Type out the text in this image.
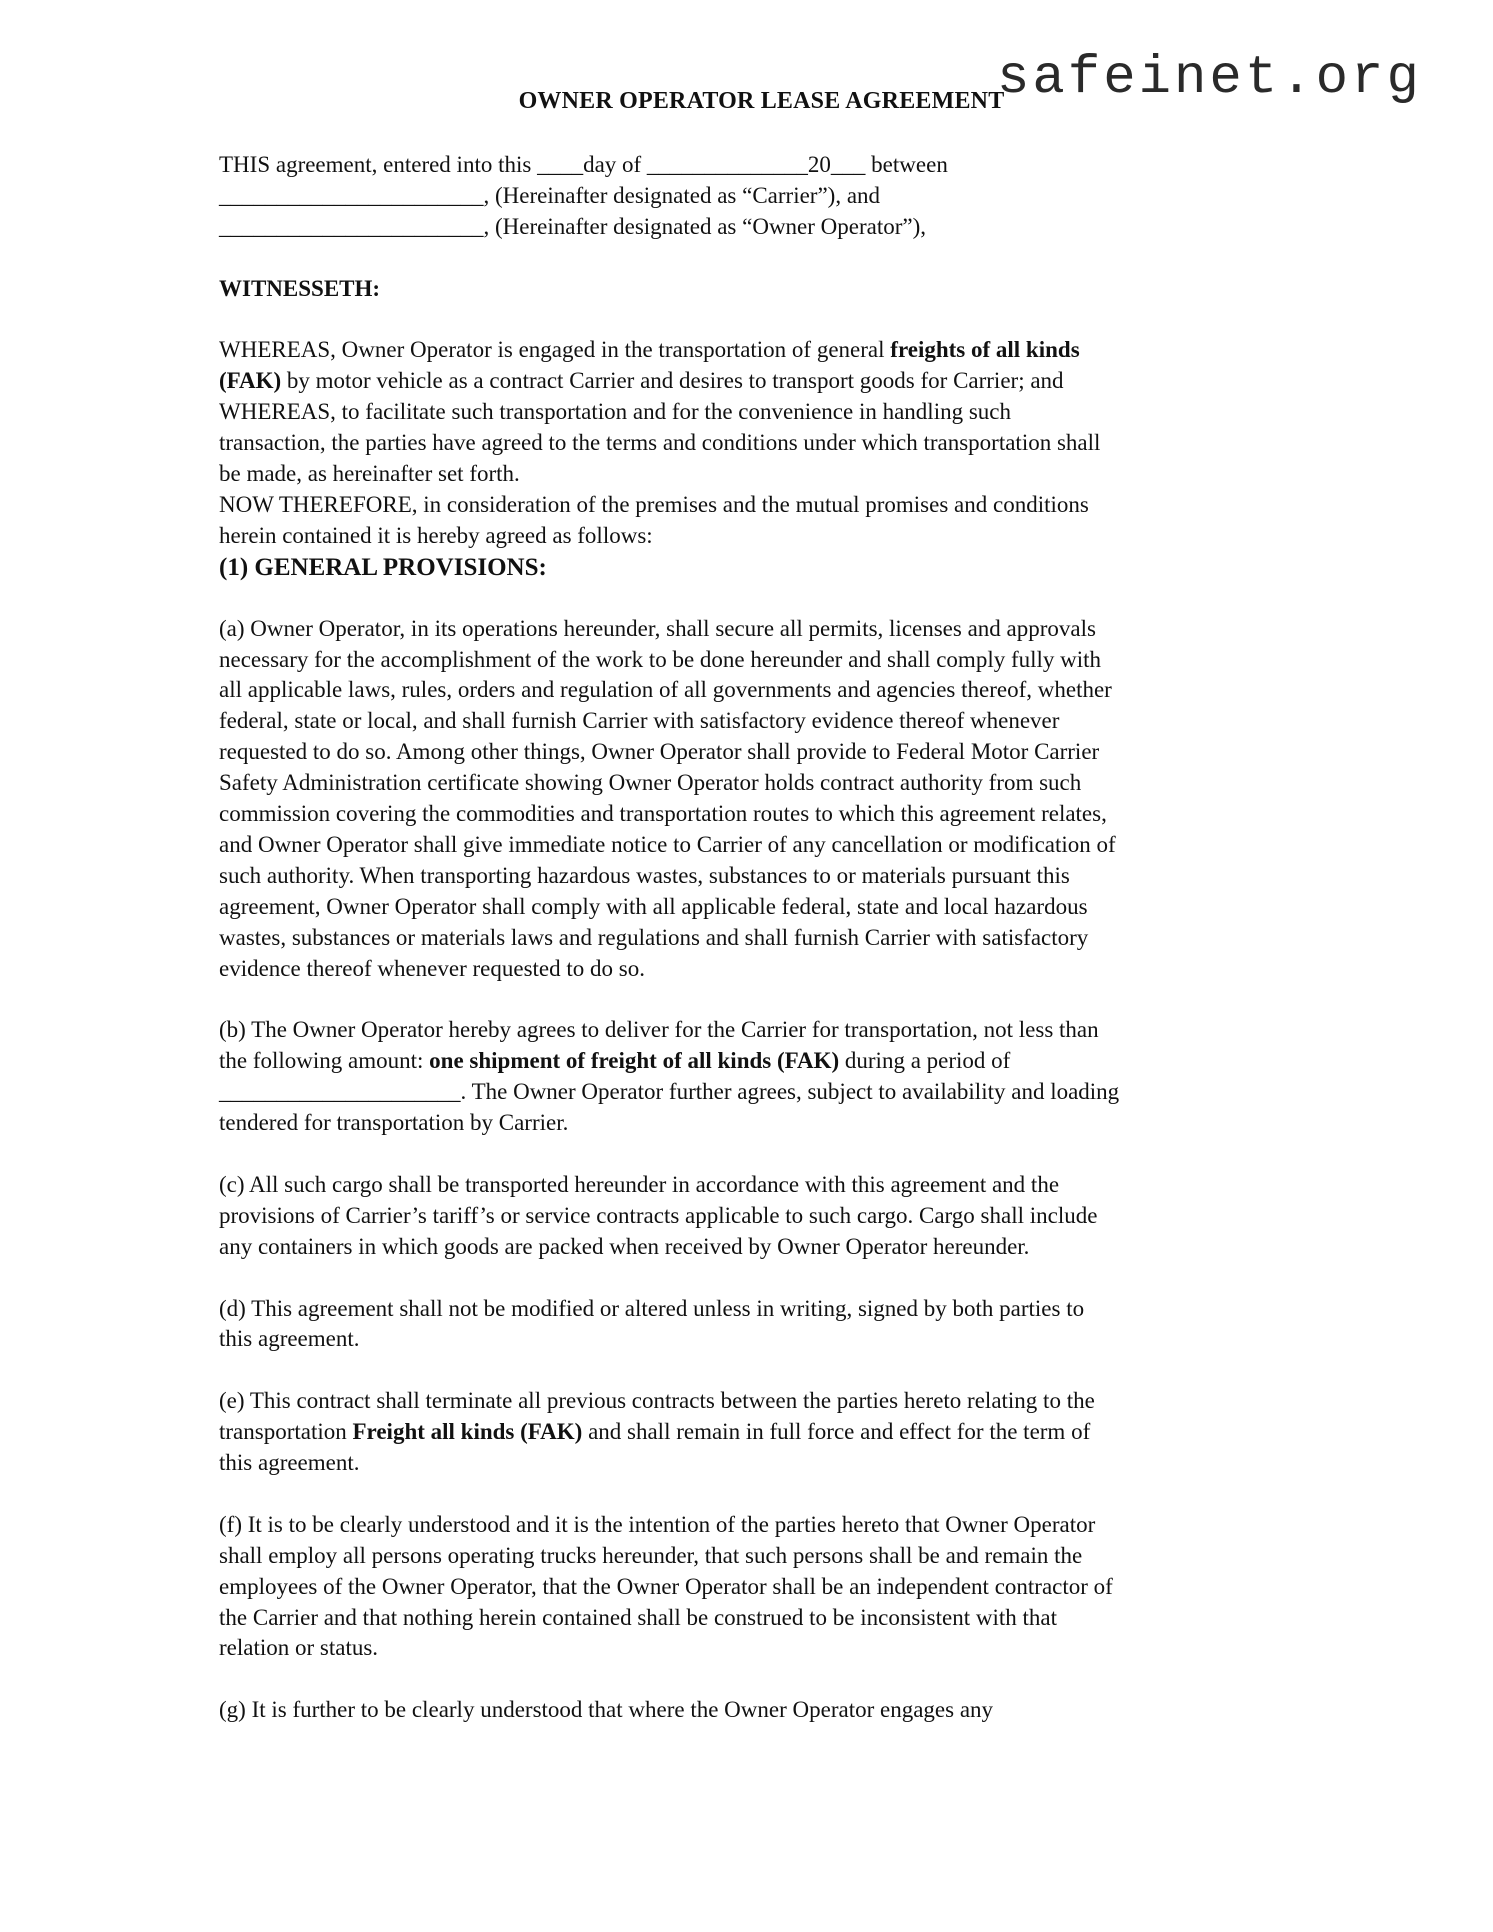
safeinet.org
OWNER OPERATOR LEASE AGREEMENT
THIS agreement, entered into this ____day of ______________20___ between
_______________________, (Hereinafter designated as “Carrier”), and
_______________________, (Hereinafter designated as “Owner Operator”),
WITNESSETH:
WHEREAS, Owner Operator is engaged in the transportation of general freights of all kinds
(FAK) by motor vehicle as a contract Carrier and desires to transport goods for Carrier; and
WHEREAS, to facilitate such transportation and for the convenience in handling such
transaction, the parties have agreed to the terms and conditions under which transportation shall
be made, as hereinafter set forth.
NOW THEREFORE, in consideration of the premises and the mutual promises and conditions
herein contained it is hereby agreed as follows:
(1) GENERAL PROVISIONS:
(a) Owner Operator, in its operations hereunder, shall secure all permits, licenses and approvals
necessary for the accomplishment of the work to be done hereunder and shall comply fully with
all applicable laws, rules, orders and regulation of all governments and agencies thereof, whether
federal, state or local, and shall furnish Carrier with satisfactory evidence thereof whenever
requested to do so. Among other things, Owner Operator shall provide to Federal Motor Carrier
Safety Administration certificate showing Owner Operator holds contract authority from such
commission covering the commodities and transportation routes to which this agreement relates,
and Owner Operator shall give immediate notice to Carrier of any cancellation or modification of
such authority. When transporting hazardous wastes, substances to or materials pursuant this
agreement, Owner Operator shall comply with all applicable federal, state and local hazardous
wastes, substances or materials laws and regulations and shall furnish Carrier with satisfactory
evidence thereof whenever requested to do so.
(b) The Owner Operator hereby agrees to deliver for the Carrier for transportation, not less than
the following amount: one shipment of freight of all kinds (FAK) during a period of
_____________________. The Owner Operator further agrees, subject to availability and loading
tendered for transportation by Carrier.
(c) All such cargo shall be transported hereunder in accordance with this agreement and the
provisions of Carrier’s tariff’s or service contracts applicable to such cargo. Cargo shall include
any containers in which goods are packed when received by Owner Operator hereunder.
(d) This agreement shall not be modified or altered unless in writing, signed by both parties to
this agreement.
(e) This contract shall terminate all previous contracts between the parties hereto relating to the
transportation Freight all kinds (FAK) and shall remain in full force and effect for the term of
this agreement.
(f) It is to be clearly understood and it is the intention of the parties hereto that Owner Operator
shall employ all persons operating trucks hereunder, that such persons shall be and remain the
employees of the Owner Operator, that the Owner Operator shall be an independent contractor of
the Carrier and that nothing herein contained shall be construed to be inconsistent with that
relation or status.
(g) It is further to be clearly understood that where the Owner Operator engages any
